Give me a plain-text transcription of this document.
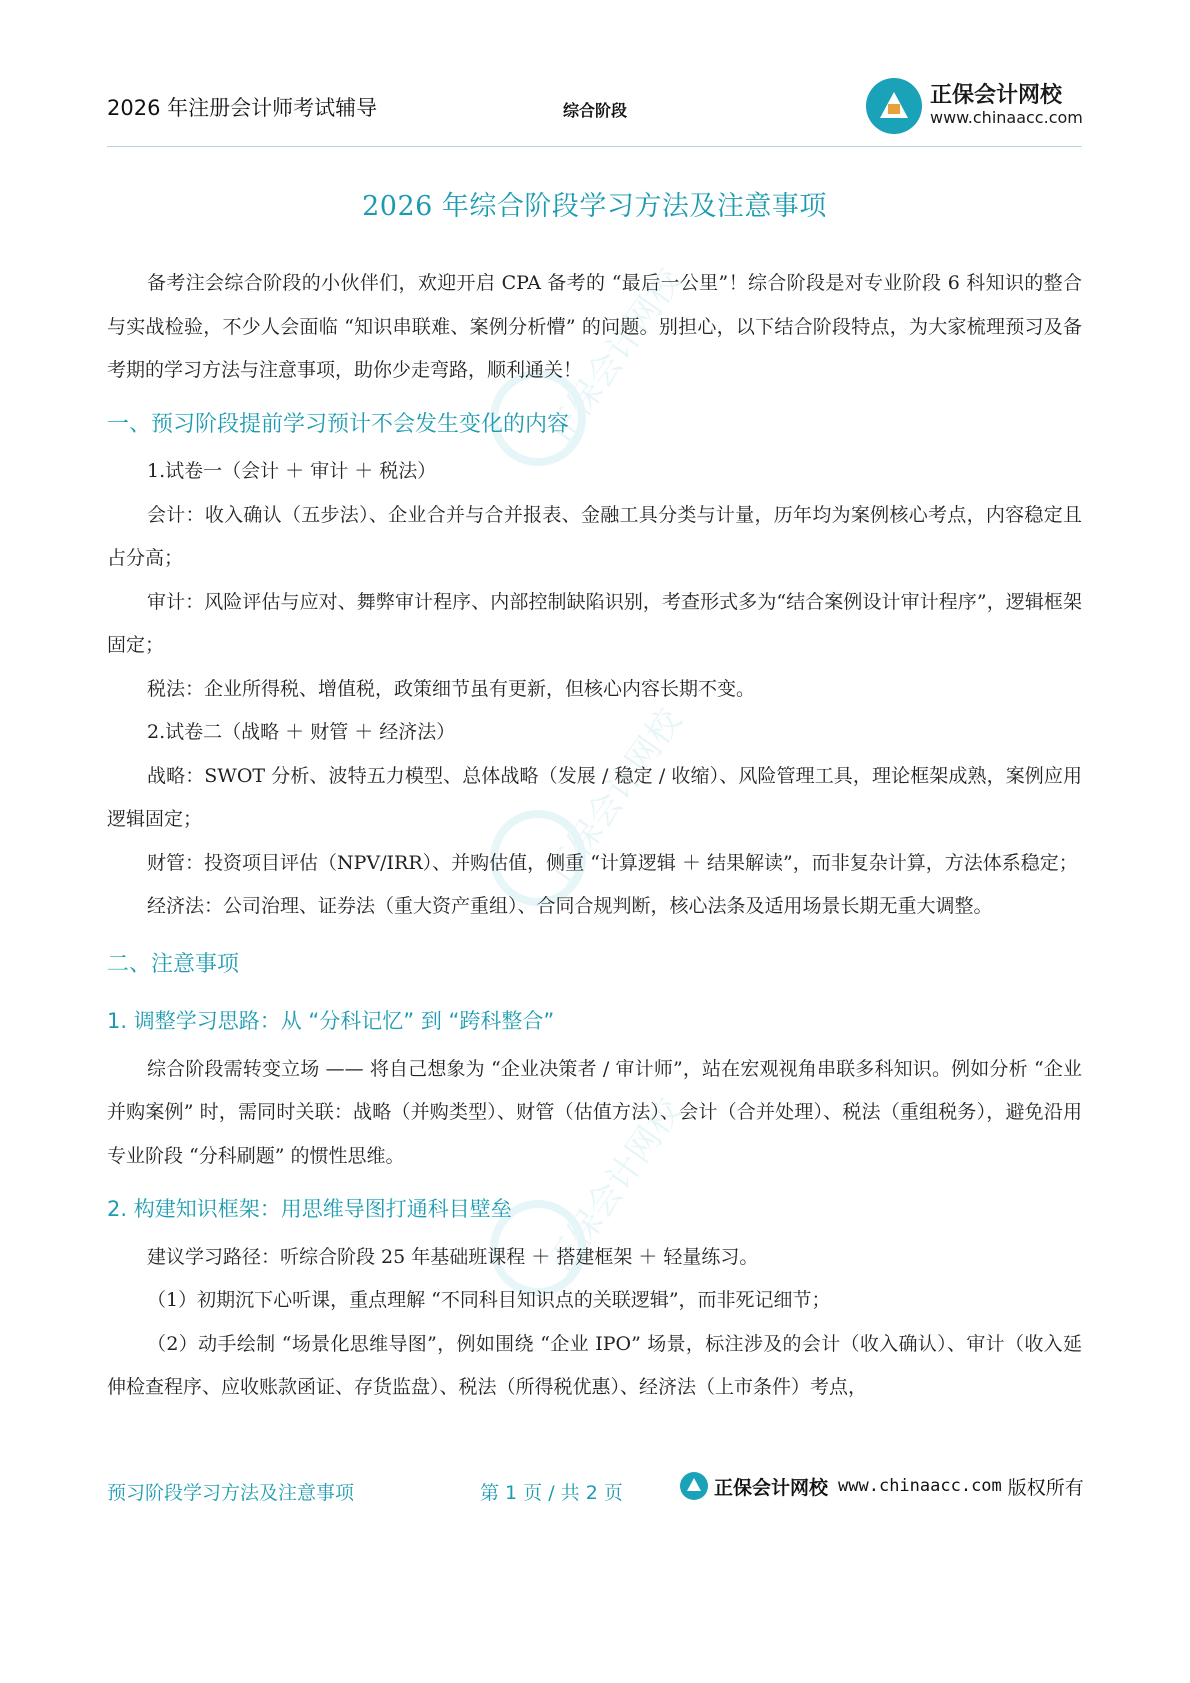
2026 年注册会计师考试辅导	综合阶段
正保会计网校
www.chinaacc.com
正保会计网校
正保会计网校
正保会计网校
2026 年综合阶段学习方法及注意事项

备考注会综合阶段的小伙伴们，欢迎开启 CPA 备考的 “最后一公里”！综合阶段是对专业阶段 6 科知识的整合与实战检验，不少人会面临 “知识串联难、案例分析懵” 的问题。别担心，以下结合阶段特点，为大家梳理预习及备考期的学习方法与注意事项，助你少走弯路，顺利通关！

一、预习阶段提前学习预计不会发生变化的内容

1.试卷一（会计 ＋ 审计 ＋ 税法）

会计：收入确认（五步法）、企业合并与合并报表、金融工具分类与计量，历年均为案例核心考点，内容稳定且占分高；

审计：风险评估与应对、舞弊审计程序、内部控制缺陷识别，考查形式多为“结合案例设计审计程序”，逻辑框架固定；

税法：企业所得税、增值税，政策细节虽有更新，但核心内容长期不变。

2.试卷二（战略 ＋ 财管 ＋ 经济法）

战略：SWOT 分析、波特五力模型、总体战略（发展 / 稳定 / 收缩）、风险管理工具，理论框架成熟，案例应用逻辑固定；

财管：投资项目评估（NPV/IRR）、并购估值，侧重 “计算逻辑 ＋ 结果解读”，而非复杂计算，方法体系稳定；

经济法：公司治理、证券法（重大资产重组）、合同合规判断，核心法条及适用场景长期无重大调整。

二、注意事项
1. 调整学习思路：从 “分科记忆” 到 “跨科整合”

综合阶段需转变立场 —— 将自己想象为 “企业决策者 / 审计师”，站在宏观视角串联多科知识。例如分析 “企业并购案例” 时，需同时关联：战略（并购类型）、财管（估值方法）、会计（合并处理）、税法（重组税务），避免沿用专业阶段 “分科刷题” 的惯性思维。

2. 构建知识框架：用思维导图打通科目壁垒

建议学习路径：听综合阶段 25 年基础班课程 ＋ 搭建框架 ＋ 轻量练习。

（1）初期沉下心听课，重点理解 “不同科目知识点的关联逻辑”，而非死记细节；

（2）动手绘制 “场景化思维导图”，例如围绕 “企业 IPO” 场景，标注涉及的会计（收入确认）、审计（收入延伸检查程序、应收账款函证、存货监盘）、税法（所得税优惠）、经济法（上市条件）考点，

预习阶段学习方法及注意事项	第 1 页 / 共 2 页	正保会计网校 www.chinaacc.com 版权所有
